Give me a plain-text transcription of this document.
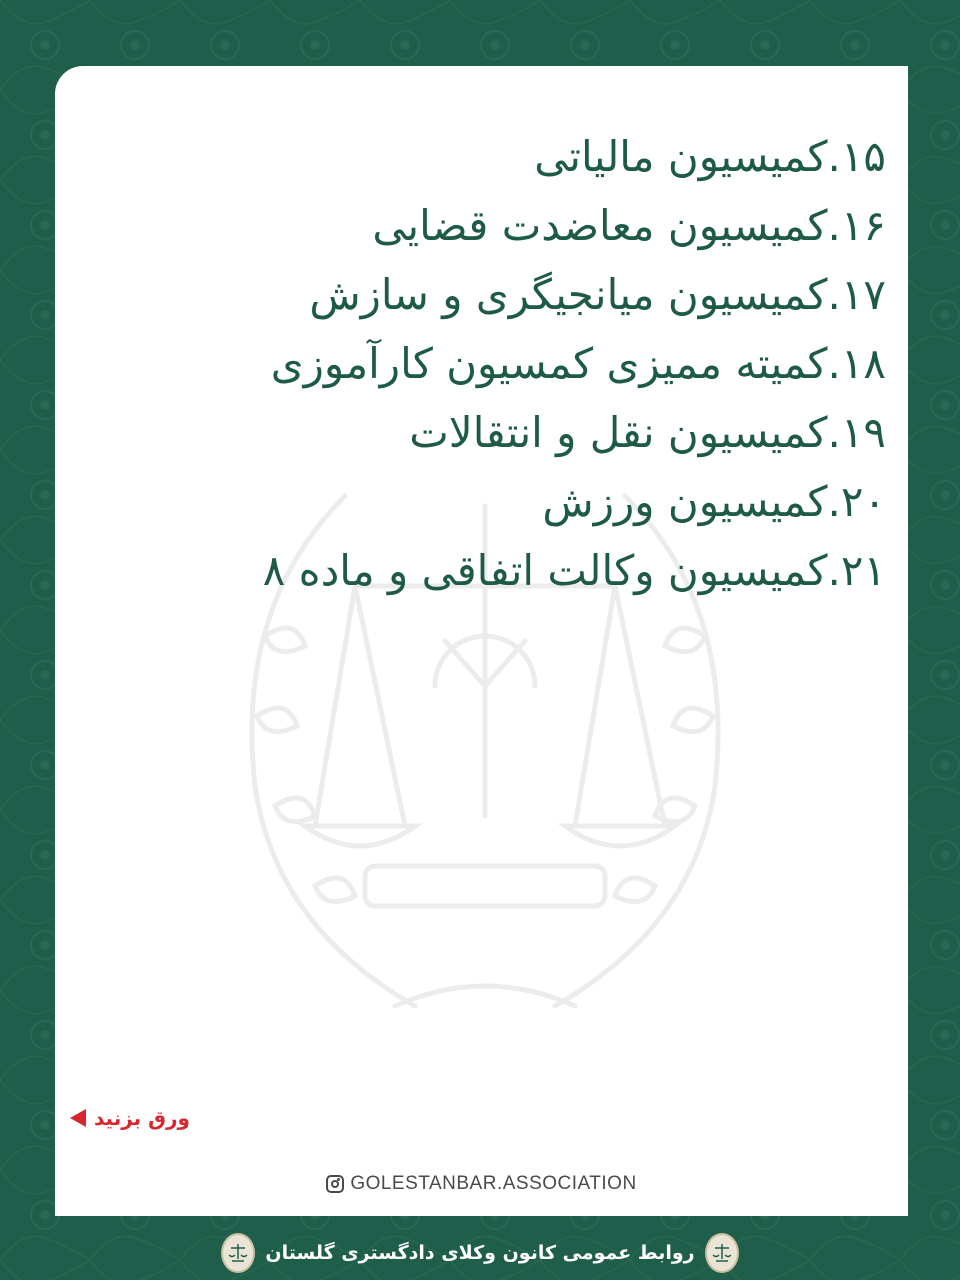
۱۵.کمیسیون مالیاتی
۱۶.کمیسیون معاضدت قضایی
۱۷.کمیسیون میانجیگری و سازش
۱۸.کمیته ممیزی کمسیون کارآموزی
۱۹.کمیسیون نقل و انتقالات
۲۰.کمیسیون ورزش
۲۱.کمیسیون وکالت اتفاقی و ماده ۸
ورق بزنید
GOLESTANBAR.ASSOCIATION
روابط عمومی کانون وکلای دادگستری گلستان
